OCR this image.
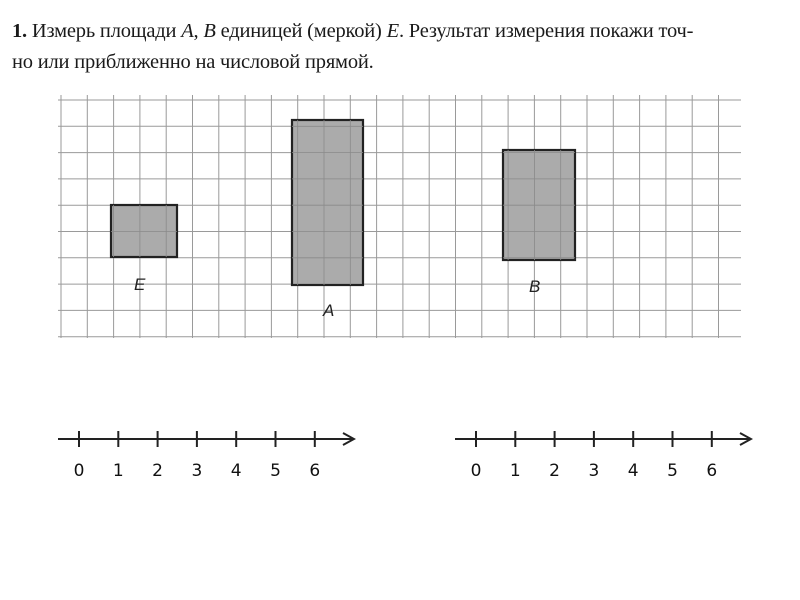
1. Измерь площади A, B единицей (меркой) E. Результат измерения покажи точ-
но или приближенно на числовой прямой.
E
A
B
0 1 2 3 4 5 6	0 1 2 3 4 5 6
